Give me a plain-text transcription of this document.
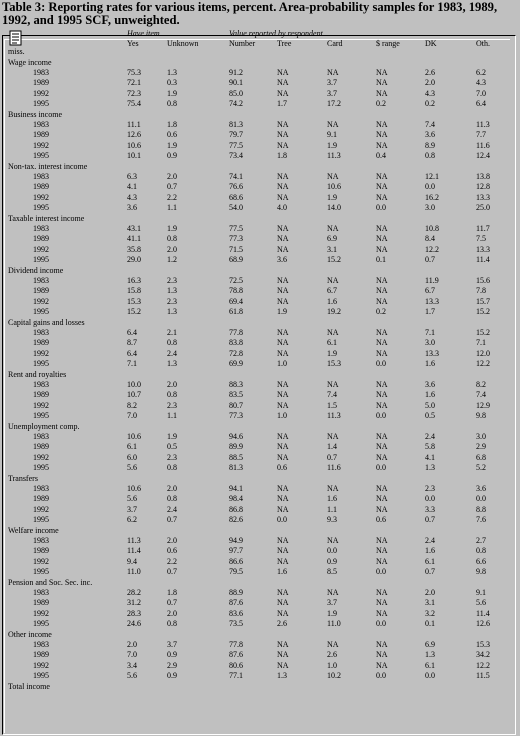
Table 3: Reporting rates for various items, percent. Area-probability samples for 1983, 1989, 1992, and 1995 SCF, unweighted.
Have item	Value reported by respondent
Yes	Unknown	Number	Tree	Card	$ range	DK	Oth.
miss.
Wage income
1983	75.3	1.3	91.2	NA	NA	NA	2.6	6.2
1989	72.1	0.3	90.1	NA	3.7	NA	2.0	4.3
1992	72.3	1.9	85.0	NA	3.7	NA	4.3	7.0
1995	75.4	0.8	74.2	1.7	17.2	0.2	0.2	6.4
Business income
1983	11.1	1.8	81.3	NA	NA	NA	7.4	11.3
1989	12.6	0.6	79.7	NA	9.1	NA	3.6	7.7
1992	10.6	1.9	77.5	NA	1.9	NA	8.9	11.6
1995	10.1	0.9	73.4	1.8	11.3	0.4	0.8	12.4
Non-tax. interest income
1983	6.3	2.0	74.1	NA	NA	NA	12.1	13.8
1989	4.1	0.7	76.6	NA	10.6	NA	0.0	12.8
1992	4.3	2.2	68.6	NA	1.9	NA	16.2	13.3
1995	3.6	1.1	54.0	4.0	14.0	0.0	3.0	25.0
Taxable interest income
1983	43.1	1.9	77.5	NA	NA	NA	10.8	11.7
1989	41.1	0.8	77.3	NA	6.9	NA	8.4	7.5
1992	35.8	2.0	71.5	NA	3.1	NA	12.2	13.3
1995	29.0	1.2	68.9	3.6	15.2	0.1	0.7	11.4
Dividend income
1983	16.3	2.3	72.5	NA	NA	NA	11.9	15.6
1989	15.8	1.3	78.8	NA	6.7	NA	6.7	7.8
1992	15.3	2.3	69.4	NA	1.6	NA	13.3	15.7
1995	15.2	1.3	61.8	1.9	19.2	0.2	1.7	15.2
Capital gains and losses
1983	6.4	2.1	77.8	NA	NA	NA	7.1	15.2
1989	8.7	0.8	83.8	NA	6.1	NA	3.0	7.1
1992	6.4	2.4	72.8	NA	1.9	NA	13.3	12.0
1995	7.1	1.3	69.9	1.0	15.3	0.0	1.6	12.2
Rent and royalties
1983	10.0	2.0	88.3	NA	NA	NA	3.6	8.2
1989	10.7	0.8	83.5	NA	7.4	NA	1.6	7.4
1992	8.2	2.3	80.7	NA	1.5	NA	5.0	12.9
1995	7.0	1.1	77.3	1.0	11.3	0.0	0.5	9.8
Unemployment comp.
1983	10.6	1.9	94.6	NA	NA	NA	2.4	3.0
1989	6.1	0.5	89.9	NA	1.4	NA	5.8	2.9
1992	6.0	2.3	88.5	NA	0.7	NA	4.1	6.8
1995	5.6	0.8	81.3	0.6	11.6	0.0	1.3	5.2
Transfers
1983	10.6	2.0	94.1	NA	NA	NA	2.3	3.6
1989	5.6	0.8	98.4	NA	1.6	NA	0.0	0.0
1992	3.7	2.4	86.8	NA	1.1	NA	3.3	8.8
1995	6.2	0.7	82.6	0.0	9.3	0.6	0.7	7.6
Welfare income
1983	11.3	2.0	94.9	NA	NA	NA	2.4	2.7
1989	11.4	0.6	97.7	NA	0.0	NA	1.6	0.8
1992	9.4	2.2	86.6	NA	0.9	NA	6.1	6.6
1995	11.0	0.7	79.5	1.6	8.5	0.0	0.7	9.8
Pension and Soc. Sec. inc.
1983	28.2	1.8	88.9	NA	NA	NA	2.0	9.1
1989	31.2	0.7	87.6	NA	3.7	NA	3.1	5.6
1992	28.3	2.0	83.6	NA	1.9	NA	3.2	11.4
1995	24.6	0.8	73.5	2.6	11.0	0.0	0.1	12.6
Other income
1983	2.0	3.7	77.8	NA	NA	NA	6.9	15.3
1989	7.0	0.9	87.6	NA	2.6	NA	1.3	34.2
1992	3.4	2.9	80.6	NA	1.0	NA	6.1	12.2
1995	5.6	0.9	77.1	1.3	10.2	0.0	0.0	11.5
Total income
